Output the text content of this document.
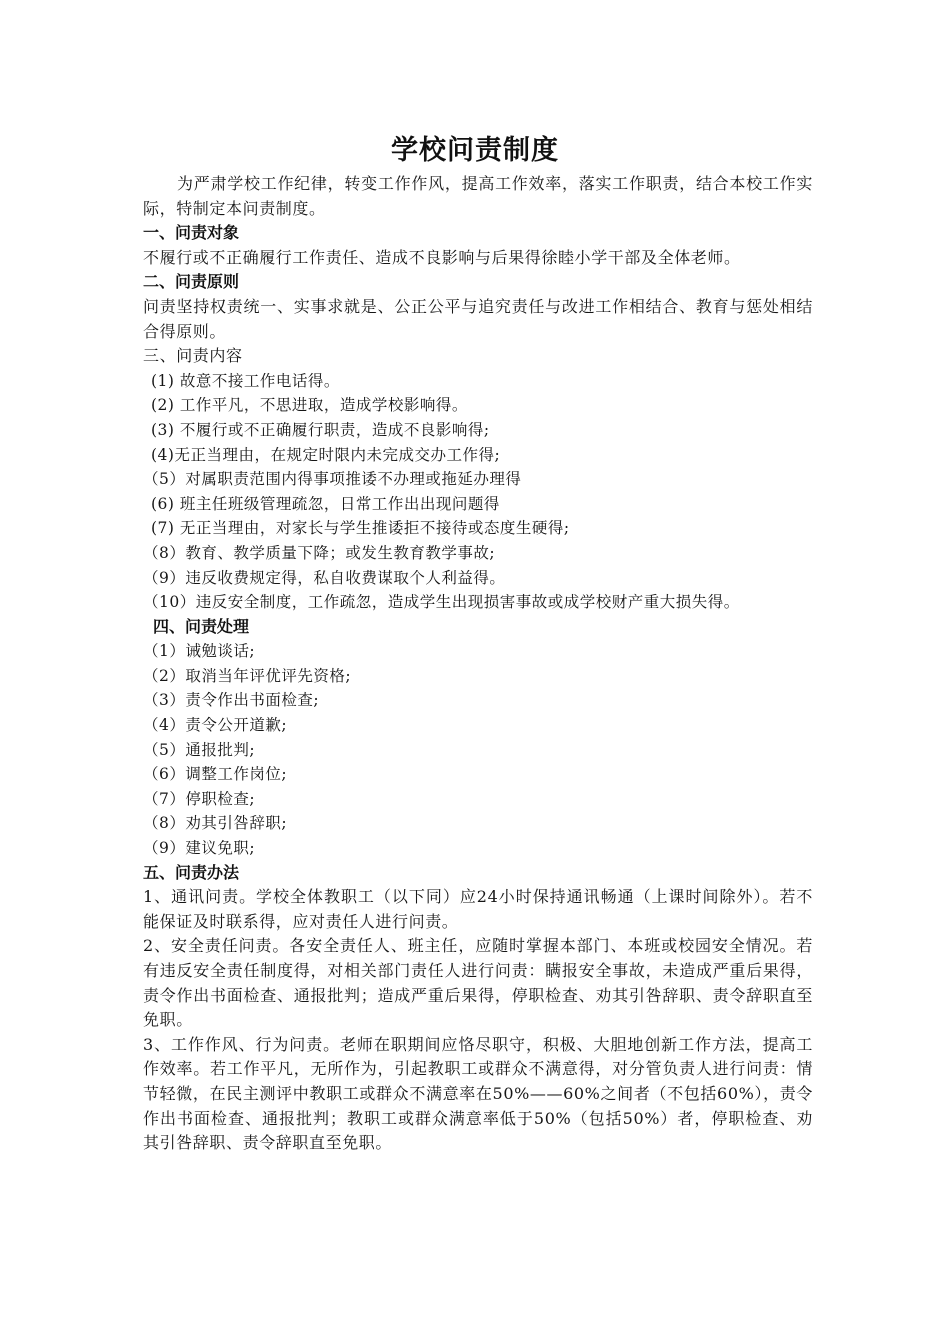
学校问责制度

为严肃学校工作纪律，转变工作作风，提高工作效率，落实工作职责，结合本校工作实际，特制定本问责制度。

一、问责对象

不履行或不正确履行工作责任、造成不良影响与后果得徐睦小学干部及全体老师。

二、问责原则

问责坚持权责统一、实事求就是、公正公平与追究责任与改进工作相结合、教育与惩处相结合得原则。

三、问责内容

(1) 故意不接工作电话得。

(2) 工作平凡，不思进取，造成学校影响得。

(3) 不履行或不正确履行职责，造成不良影响得;

(4)无正当理由，在规定时限内未完成交办工作得;

（5）对属职责范围内得事项推诿不办理或拖延办理得

(6) 班主任班级管理疏忽，日常工作出出现问题得

(7) 无正当理由，对家长与学生推诿拒不接待或态度生硬得;

（8）教育、教学质量下降；或发生教育教学事故;

（9）违反收费规定得，私自收费谋取个人利益得。

（10）违反安全制度，工作疏忽，造成学生出现损害事故或成学校财产重大损失得。

四、问责处理

（1）诫勉谈话;

（2）取消当年评优评先资格;

（3）责令作出书面检查;

（4）责令公开道歉;

（5）通报批判;

（6）调整工作岗位;

（7）停职检查;

（8）劝其引咎辞职;

（9）建议免职;

五、问责办法

1、通讯问责。学校全体教职工（以下同）应24小时保持通讯畅通（上课时间除外）。若不能保证及时联系得，应对责任人进行问责。

2、安全责任问责。各安全责任人、班主任，应随时掌握本部门、本班或校园安全情况。若有违反安全责任制度得，对相关部门责任人进行问责：瞒报安全事故，未造成严重后果得，责令作出书面检查、通报批判；造成严重后果得，停职检查、劝其引咎辞职、责令辞职直至免职。

3、工作作风、行为问责。老师在职期间应恪尽职守，积极、大胆地创新工作方法，提高工作效率。若工作平凡，无所作为，引起教职工或群众不满意得，对分管负责人进行问责：情节轻微，在民主测评中教职工或群众不满意率在50%——60%之间者（不包括60%），责令作出书面检查、通报批判；教职工或群众满意率低于50%（包括50%）者，停职检查、劝其引咎辞职、责令辞职直至免职。
